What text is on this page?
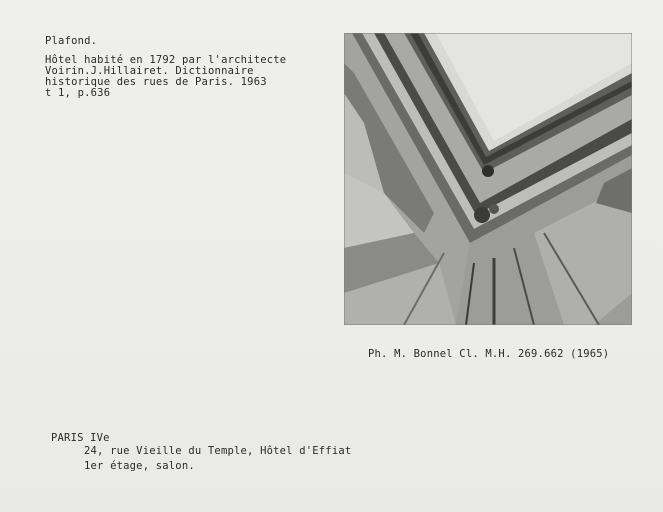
Plafond.
Hôtel habité en 1792 par l'architecte
Voirin.J.Hillairet. Dictionnaire
historique des rues de Paris. 1963
t 1, p.636
Ph. M. Bonnel Cl. M.H. 269.662 (1965)
PARIS IVe
24, rue Vieille du Temple, Hôtel d'Effiat
1er étage, salon.
